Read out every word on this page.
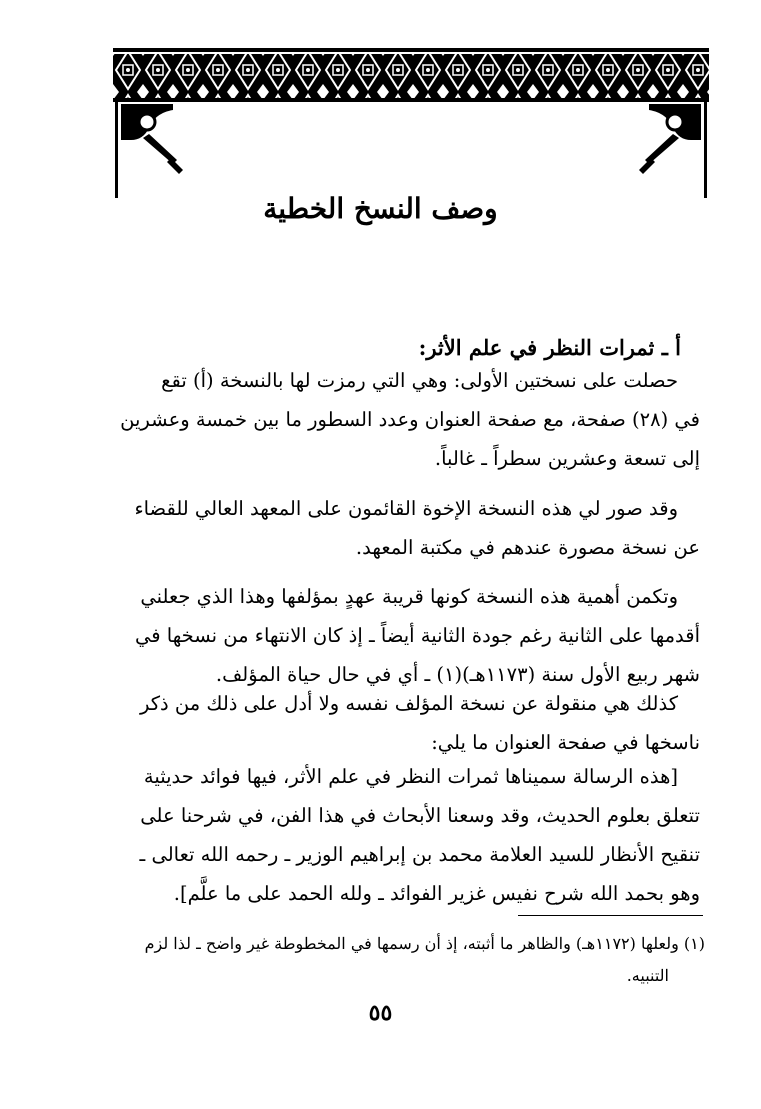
وصف النسخ الخطية
أ ـ ثمرات النظر في علم الأثر:
حصلت على نسختين الأولى: وهي التي رمزت لها بالنسخة (أ) تقع
في (٢٨) صفحة، مع صفحة العنوان وعدد السطور ما بين خمسة وعشرين
إلى تسعة وعشرين سطراً ـ غالباً.
وقد صور لي هذه النسخة الإخوة القائمون على المعهد العالي للقضاء
عن نسخة مصورة عندهم في مكتبة المعهد.
وتكمن أهمية هذه النسخة كونها قريبة عهدٍ بمؤلفها وهذا الذي جعلني
أقدمها على الثانية رغم جودة الثانية أيضاً ـ إذ كان الانتهاء من نسخها في
شهر ربيع الأول سنة (١١٧٣هـ)(١) ـ أي في حال حياة المؤلف.
كذلك هي منقولة عن نسخة المؤلف نفسه ولا أدل على ذلك من ذكر
ناسخها في صفحة العنوان ما يلي:
[هذه الرسالة سميناها ثمرات النظر في علم الأثر، فيها فوائد حديثية
تتعلق بعلوم الحديث، وقد وسعنا الأبحاث في هذا الفن، في شرحنا على
تنقيح الأنظار للسيد العلامة محمد بن إبراهيم الوزير ـ رحمه الله تعالى ـ
وهو بحمد الله شرح نفيس غزير الفوائد ـ ولله الحمد على ما علَّم].
(١) ولعلها (١١٧٢هـ) والظاهر ما أثبته، إذ أن رسمها في المخطوطة غير واضح ـ لذا لزم
التنبيه.
٥٥
